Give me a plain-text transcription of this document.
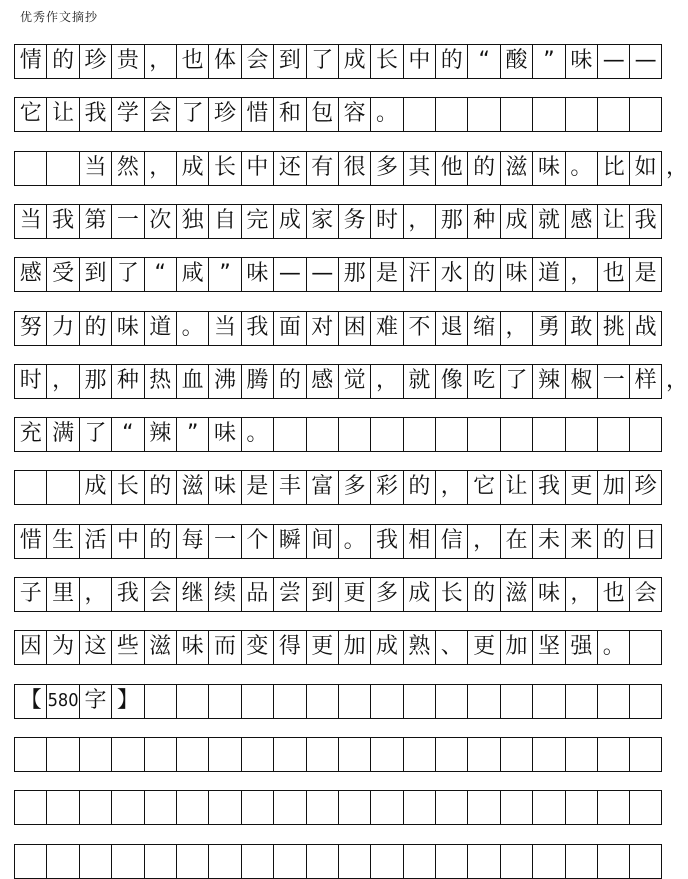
优秀作文摘抄
情 的 珍 贵 ， 也 体 会 到 了 成 长 中 的 “ 酸 ” 味 — —
它 让 我 学 会 了 珍 惜 和 包 容 。
当 然 ， 成 长 中 还 有 很 多 其 他 的 滋 味 。 比 如
当 我 第 一 次 独 自 完 成 家 务 时 ， 那 种 成 就 感 让 我
感 受 到 了 “ 咸 ” 味 — — 那 是 汗 水 的 味 道 ， 也 是
努 力 的 味 道 。 当 我 面 对 困 难 不 退 缩 ， 勇 敢 挑 战
时 ， 那 种 热 血 沸 腾 的 感 觉 ， 就 像 吃 了 辣 椒 一 样
充 满 了 “ 辣 ” 味 。
成 长 的 滋 味 是 丰 富 多 彩 的 ， 它 让 我 更 加 珍
惜 生 活 中 的 每 一 个 瞬 间 。 我 相 信 ， 在 未 来 的 日
子 里 ， 我 会 继 续 品 尝 到 更 多 成 长 的 滋 味 ， 也 会
因 为 这 些 滋 味 而 变 得 更 加 成 熟 、 更 加 坚 强 。
【 580 字 】
，
，
